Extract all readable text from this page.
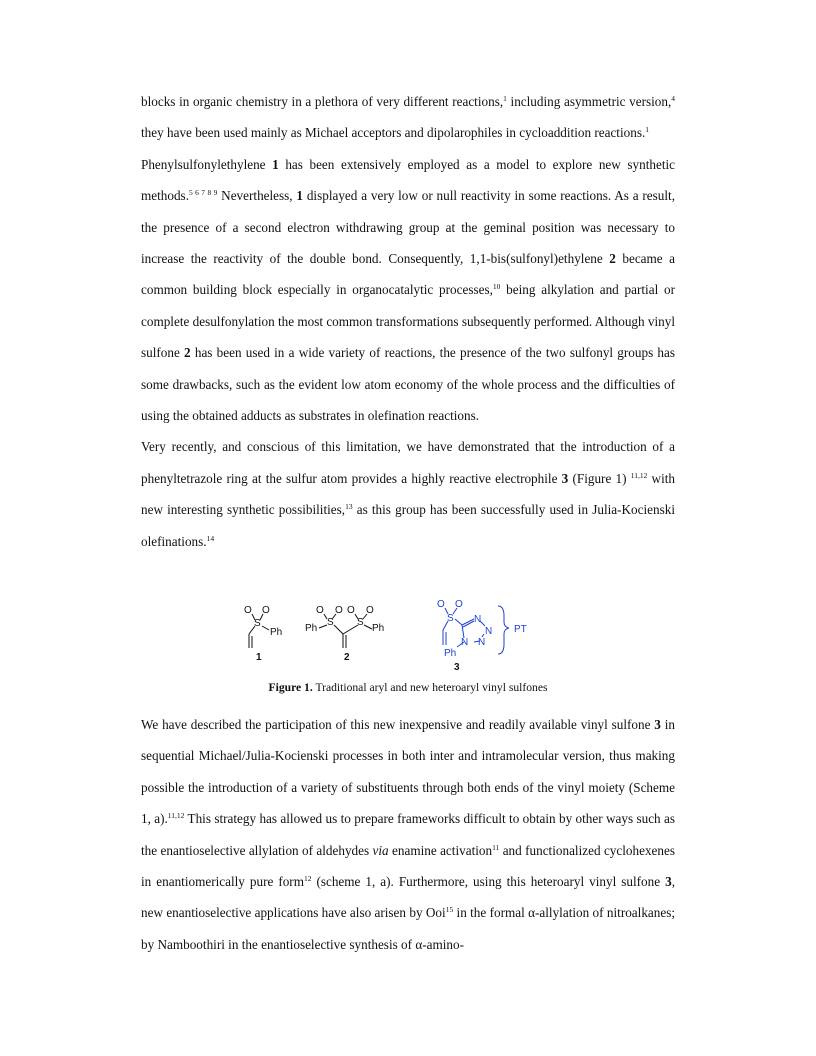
blocks in organic chemistry in a plethora of very different reactions,$^1$ including asymmetric version,$^4$ they have been used mainly as Michael acceptors and dipolarophiles in cycloaddition reactions.$^1$

Phenylsulfonylethylene 1 has been extensively employed as a model to explore new synthetic methods.$^{5 6 7 8 9}$ Nevertheless, 1 displayed a very low or null reactivity in some reactions. As a result, the presence of a second electron withdrawing group at the geminal position was necessary to increase the reactivity of the double bond. Consequently, 1,1-bis(sulfonyl)ethylene 2 became a common building block especially in organocatalytic processes,$^{10}$ being alkylation and partial or complete desulfonylation the most common transformations subsequently performed. Although vinyl sulfone 2 has been used in a wide variety of reactions, the presence of the two sulfonyl groups has some drawbacks, such as the evident low atom economy of the whole process and the difficulties of using the obtained adducts as substrates in olefination reactions.

Very recently, and conscious of this limitation, we have demonstrated that the introduction of a phenyltetrazole ring at the sulfur atom provides a highly reactive electrophile 3 (Figure 1) $^{11,12}$ with new interesting synthetic possibilities,$^{13}$ as this group has been successfully used in Julia-Kocienski olefinations.$^{14}$

O O
S
Ph
1
O O O O
S S
Ph	Ph
2
O O
S N
N
N
N
Ph
PT
3
Figure 1. Traditional aryl and new heteroaryl vinyl sulfones

We have described the participation of this new inexpensive and readily available vinyl sulfone 3 in sequential Michael/Julia-Kocienski processes in both inter and intramolecular version, thus making possible the introduction of a variety of substituents through both ends of the vinyl moiety (Scheme 1, a).$^{11,12}$ This strategy has allowed us to prepare frameworks difficult to obtain by other ways such as the enantioselective allylation of aldehydes via enamine activation$^{11}$ and functionalized cyclohexenes in enantiomerically pure form$^{12}$ (scheme 1, a). Furthermore, using this heteroaryl vinyl sulfone 3, new enantioselective applications have also arisen by Ooi$^{15}$ in the formal α-allylation of nitroalkanes; by Namboothiri in the enantioselective synthesis of α-amino-
